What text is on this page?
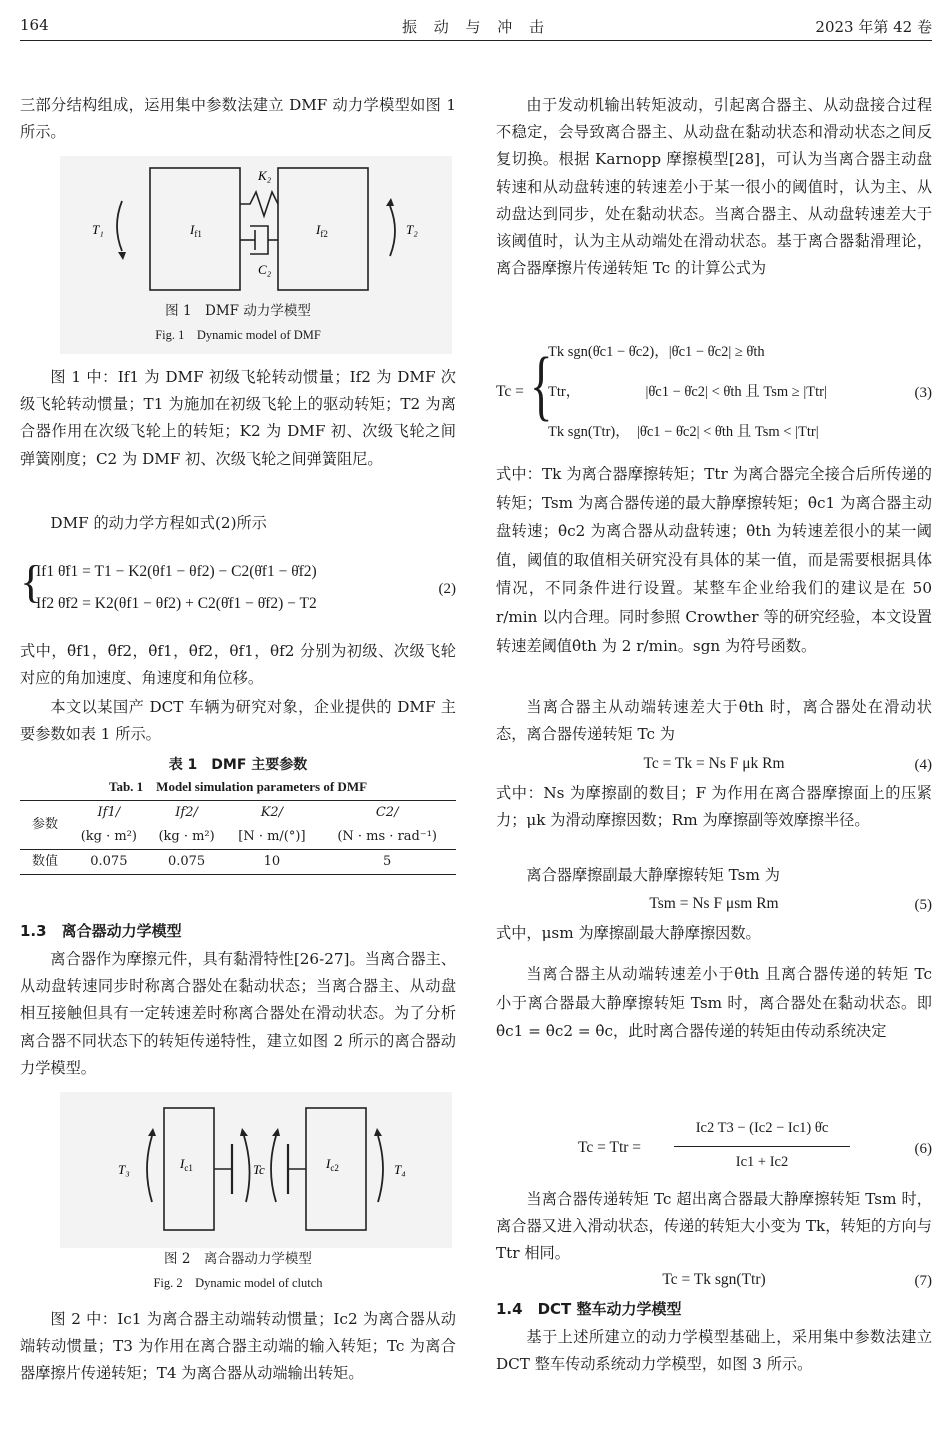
164	振 动 与 冲 击	2023 年第 42 卷

三部分结构组成，运用集中参数法建立 DMF 动力学模型如图 1 所示。

T₁	T₂
K₂
C₂
$I_{f1}$	$I_{f2}$
图 1　DMF 动力学模型
Fig. 1　Dynamic model of DMF

图 1 中：If1 为 DMF 初级飞轮转动惯量；If2 为 DMF 次级飞轮转动惯量；T1 为施加在初级飞轮上的驱动转矩；T2 为离合器作用在次级飞轮上的转矩；K2 为 DMF 初、次级飞轮之间弹簧刚度；C2 为 DMF 初、次级飞轮之间弹簧阻尼。

DMF 的动力学方程如式(2)所示

{
If1 θ̈f1 = T1 − K2(θf1 − θf2) − C2(θ̇f1 − θ̇f2)
If2 θ̈f2 = K2(θf1 − θf2) + C2(θ̇f1 − θ̇f2) − T2
(2)

式中，θ̈f1，θ̈f2，θ̇f1，θ̇f2，θf1，θf2 分别为初级、次级飞轮对应的角加速度、角速度和角位移。

本文以某国产 DCT 车辆为研究对象，企业提供的 DMF 主要参数如表 1 所示。

表 1　DMF 主要参数
Tab. 1　Model simulation parameters of DMF
参数	If1/	If2/	K2/	C2/
	(kg · m²)	(kg · m²)	[N · m/(°)]	(N · ms · rad⁻¹)
数值	0.075	0.075	10	5
1.3　离合器动力学模型

离合器作为摩擦元件，具有黏滑特性[26-27]。当离合器主、从动盘转速同步时称离合器处在黏动状态；当离合器主、从动盘相互接触但具有一定转速差时称离合器处在滑动状态。为了分析离合器不同状态下的转矩传递特性，建立如图 2 所示的离合器动力学模型。

T₃	Tc	T₄
$I_{c1}$	$I_{c2}$
图 2　离合器动力学模型
Fig. 2　Dynamic model of clutch

图 2 中：Ic1 为离合器主动端转动惯量；Ic2 为离合器从动端转动惯量；T3 为作用在离合器主动端的输入转矩；Tc 为离合器摩擦片传递转矩；T4 为离合器从动端输出转矩。

由于发动机输出转矩波动，引起离合器主、从动盘接合过程不稳定，会导致离合器主、从动盘在黏动状态和滑动状态之间反复切换。根据 Karnopp 摩擦模型[28]，可认为当离合器主动盘转速和从动盘转速的转速差小于某一很小的阈值时，认为主、从动盘达到同步，处在黏动状态。当离合器主、从动盘转速差大于该阈值时，认为主从动端处在滑动状态。基于离合器黏滑理论，离合器摩擦片传递转矩 Tc 的计算公式为

Tc = {
Tk sgn(θ̇c1 − θ̇c2)，|θ̇c1 − θ̇c2| ≥ θ̇th
Ttr，　　　　　|θ̇c1 − θ̇c2| < θ̇th 且 Tsm ≥ |Ttr|
Tk sgn(Ttr)，　|θ̇c1 − θ̇c2| < θ̇th 且 Tsm < |Ttr|
(3)

式中：Tk 为离合器摩擦转矩；Ttr 为离合器完全接合后所传递的转矩；Tsm 为离合器传递的最大静摩擦转矩；θ̇c1 为离合器主动盘转速；θ̇c2 为离合器从动盘转速；θ̇th 为转速差很小的某一阈值，阈值的取值相关研究没有具体的某一值，而是需要根据具体情况，不同条件进行设置。某整车企业给我们的建议是在 50 r/min 以内合理。同时参照 Crowther 等的研究经验，本文设置转速差阈值θ̇th 为 2 r/min。sgn 为符号函数。

当离合器主从动端转速差大于θ̇th 时，离合器处在滑动状态，离合器传递转矩 Tc 为

Tc = Tk = Ns F μk Rm	(4)

式中：Ns 为摩擦副的数目；F 为作用在离合器摩擦面上的压紧力；μk 为滑动摩擦因数；Rm 为摩擦副等效摩擦半径。

离合器摩擦副最大静摩擦转矩 Tsm 为

Tsm = Ns F μsm Rm	(5)

式中，μsm 为摩擦副最大静摩擦因数。

当离合器主从动端转速差小于θ̇th 且离合器传递的转矩 Tc 小于离合器最大静摩擦转矩 Tsm 时，离合器处在黏动状态。即θ̇c1 = θ̇c2 = θ̇c，此时离合器传递的转矩由传动系统决定

Tc = Ttr =
Ic2 T3 − (Ic2 − Ic1) θ̇c
Ic1 + Ic2
(6)

当离合器传递转矩 Tc 超出离合器最大静摩擦转矩 Tsm 时，离合器又进入滑动状态，传递的转矩大小变为 Tk，转矩的方向与 Ttr 相同。

Tc = Tk sgn(Ttr)	(7)
1.4　DCT 整车动力学模型

基于上述所建立的动力学模型基础上，采用集中参数法建立 DCT 整车传动系统动力学模型，如图 3 所示。
